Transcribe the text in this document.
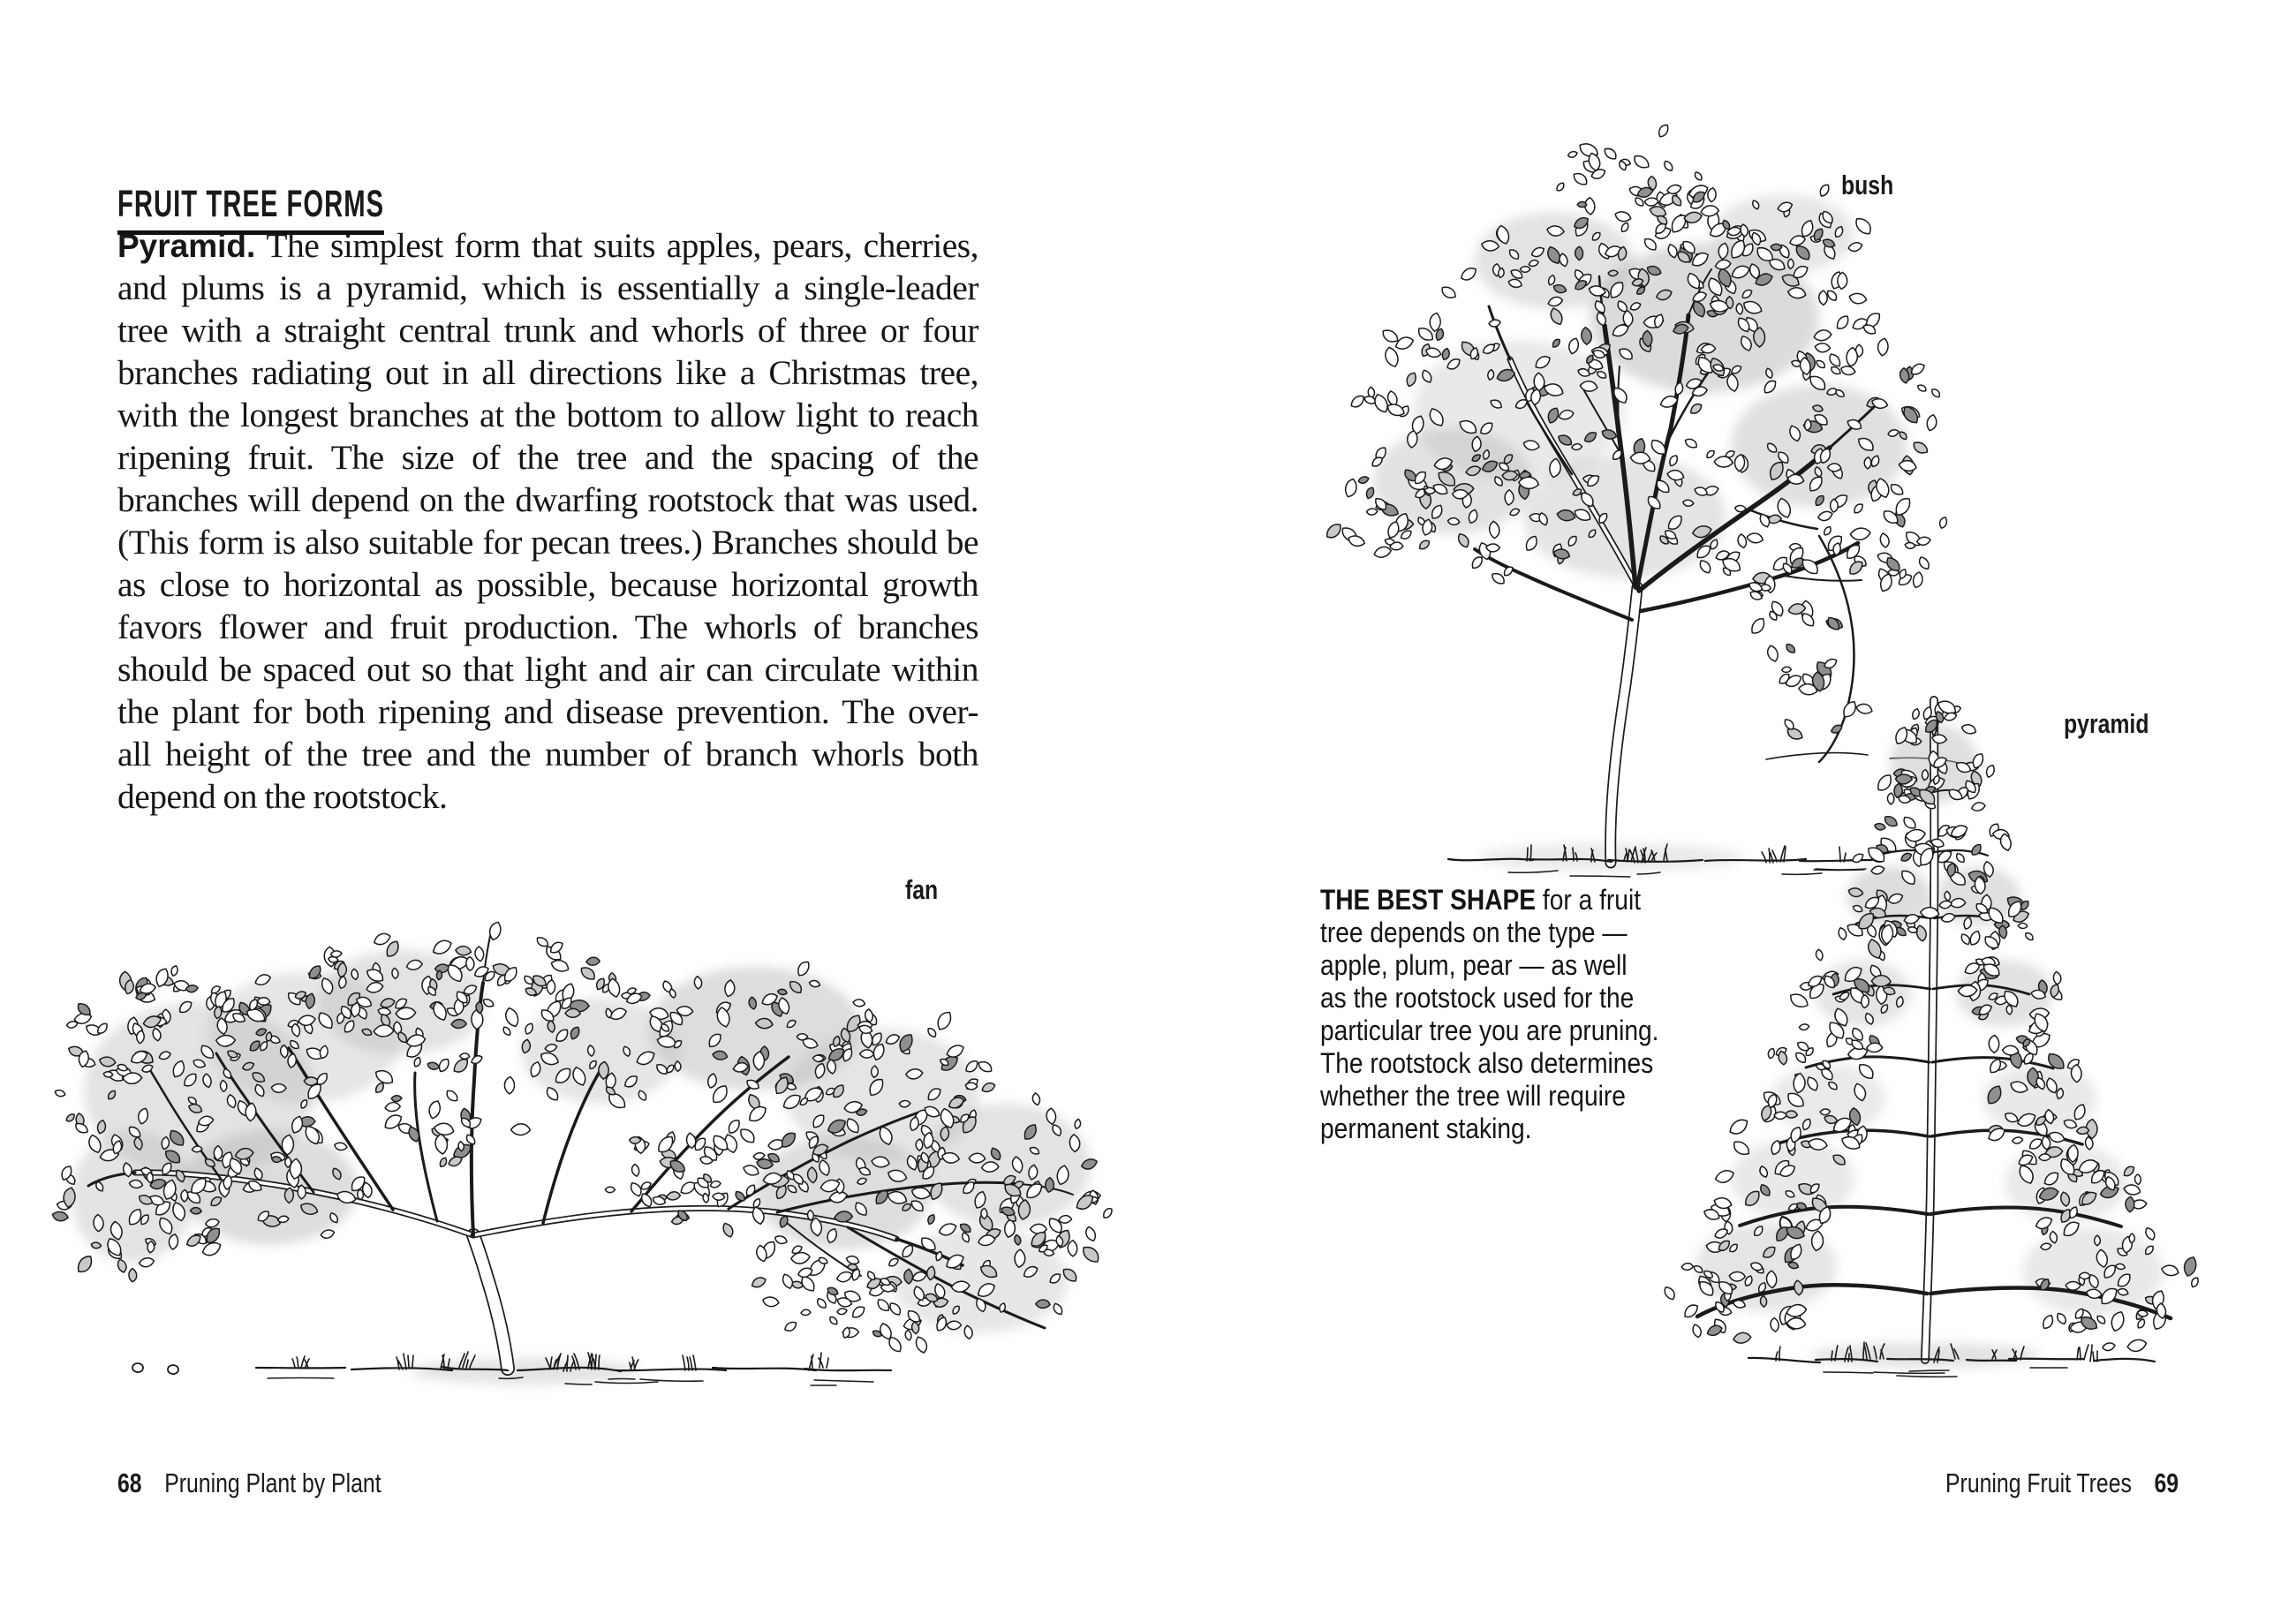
FRUIT TREE FORMS
Pyramid. The simplest form that suits apples, pears, cherries,
and plums is a pyramid, which is essentially a single-leader
tree with a straight central trunk and whorls of three or four
branches radiating out in all directions like a Christmas tree,
with the longest branches at the bottom to allow light to reach
ripening fruit. The size of the tree and the spacing of the
branches will depend on the dwarfing rootstock that was used.
(This form is also suitable for pecan trees.) Branches should be
as close to horizontal as possible, because horizontal growth
favors flower and fruit production. The whorls of branches
should be spaced out so that light and air can circulate within
the plant for both ripening and disease prevention. The over-
all height of the tree and the number of branch whorls both
depend on the rootstock.
fan
68 Pruning Plant by Plant
bush
pyramid
THE BEST SHAPE for a fruit
tree depends on the type —
apple, plum, pear — as well
as the rootstock used for the
particular tree you are pruning.
The rootstock also determines
whether the tree will require
permanent staking.
Pruning Fruit Trees 69
